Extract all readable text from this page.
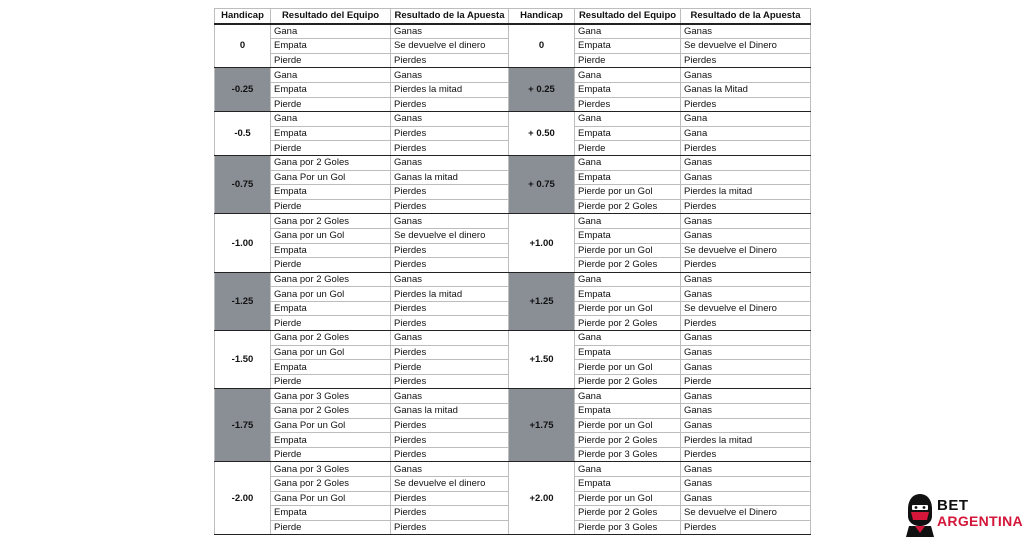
Handicap	Resultado del Equipo	Resultado de la Apuesta	Handicap	Resultado del Equipo	Resultado de la Apuesta
0	Gana	Ganas	0	Gana	Ganas
	Empata	Se devuelve el dinero		Empata	Se devuelve el Dinero
	Pierde	Pierdes		Pierde	Pierdes
-0.25	Gana	Ganas	+ 0.25	Gana	Ganas
	Empata	Pierdes la mitad		Empata	Ganas la Mitad
	Pierde	Pierdes		Pierdes	Pierdes
-0.5	Gana	Ganas	+ 0.50	Gana	Gana
	Empata	Pierdes		Empata	Gana
	Pierde	Pierdes		Pierde	Pierdes
-0.75	Gana por 2 Goles	Ganas	+ 0.75	Gana	Ganas
	Gana Por un Gol	Ganas la mitad		Empata	Ganas
	Empata	Pierdes		Pierde por un Gol	Pierdes la mitad
	Pierde	Pierdes		Pierde por 2 Goles	Pierdes
-1.00	Gana por 2 Goles	Ganas	+1.00	Gana	Ganas
	Gana por un Gol	Se devuelve el dinero		Empata	Ganas
	Empata	Pierdes		Pierde por un Gol	Se devuelve el Dinero
	Pierde	Pierdes		Pierde por 2 Goles	Pierdes
-1.25	Gana por 2 Goles	Ganas	+1.25	Gana	Ganas
	Gana por un Gol	Pierdes la mitad		Empata	Ganas
	Empata	Pierdes		Pierde por un Gol	Se devuelve el Dinero
	Pierde	Pierdes		Pierde por 2 Goles	Pierdes
-1.50	Gana por 2 Goles	Ganas	+1.50	Gana	Ganas
	Gana por un Gol	Pierdes		Empata	Ganas
	Empata	Pierde		Pierde por un Gol	Ganas
	Pierde	Pierdes		Pierde por 2 Goles	Pierde
-1.75	Gana por 3 Goles	Ganas	+1.75	Gana	Ganas
	Gana por 2 Goles	Ganas la mitad		Empata	Ganas
	Gana Por un Gol	Pierdes		Pierde por un Gol	Ganas
	Empata	Pierdes		Pierde por 2 Goles	Pierdes la mitad
	Pierde	Pierdes		Pierde por 3 Goles	Pierdes
-2.00	Gana por 3 Goles	Ganas	+2.00	Gana	Ganas
	Gana por 2 Goles	Se devuelve el dinero		Empata	Ganas
	Gana Por un Gol	Pierdes		Pierde por un Gol	Ganas
	Empata	Pierdes		Pierde por 2 Goles	Se devuelve el Dinero
	Pierde	Pierdes		Pierde por 3 Goles	Pierdes
BET
ARGENTINA
